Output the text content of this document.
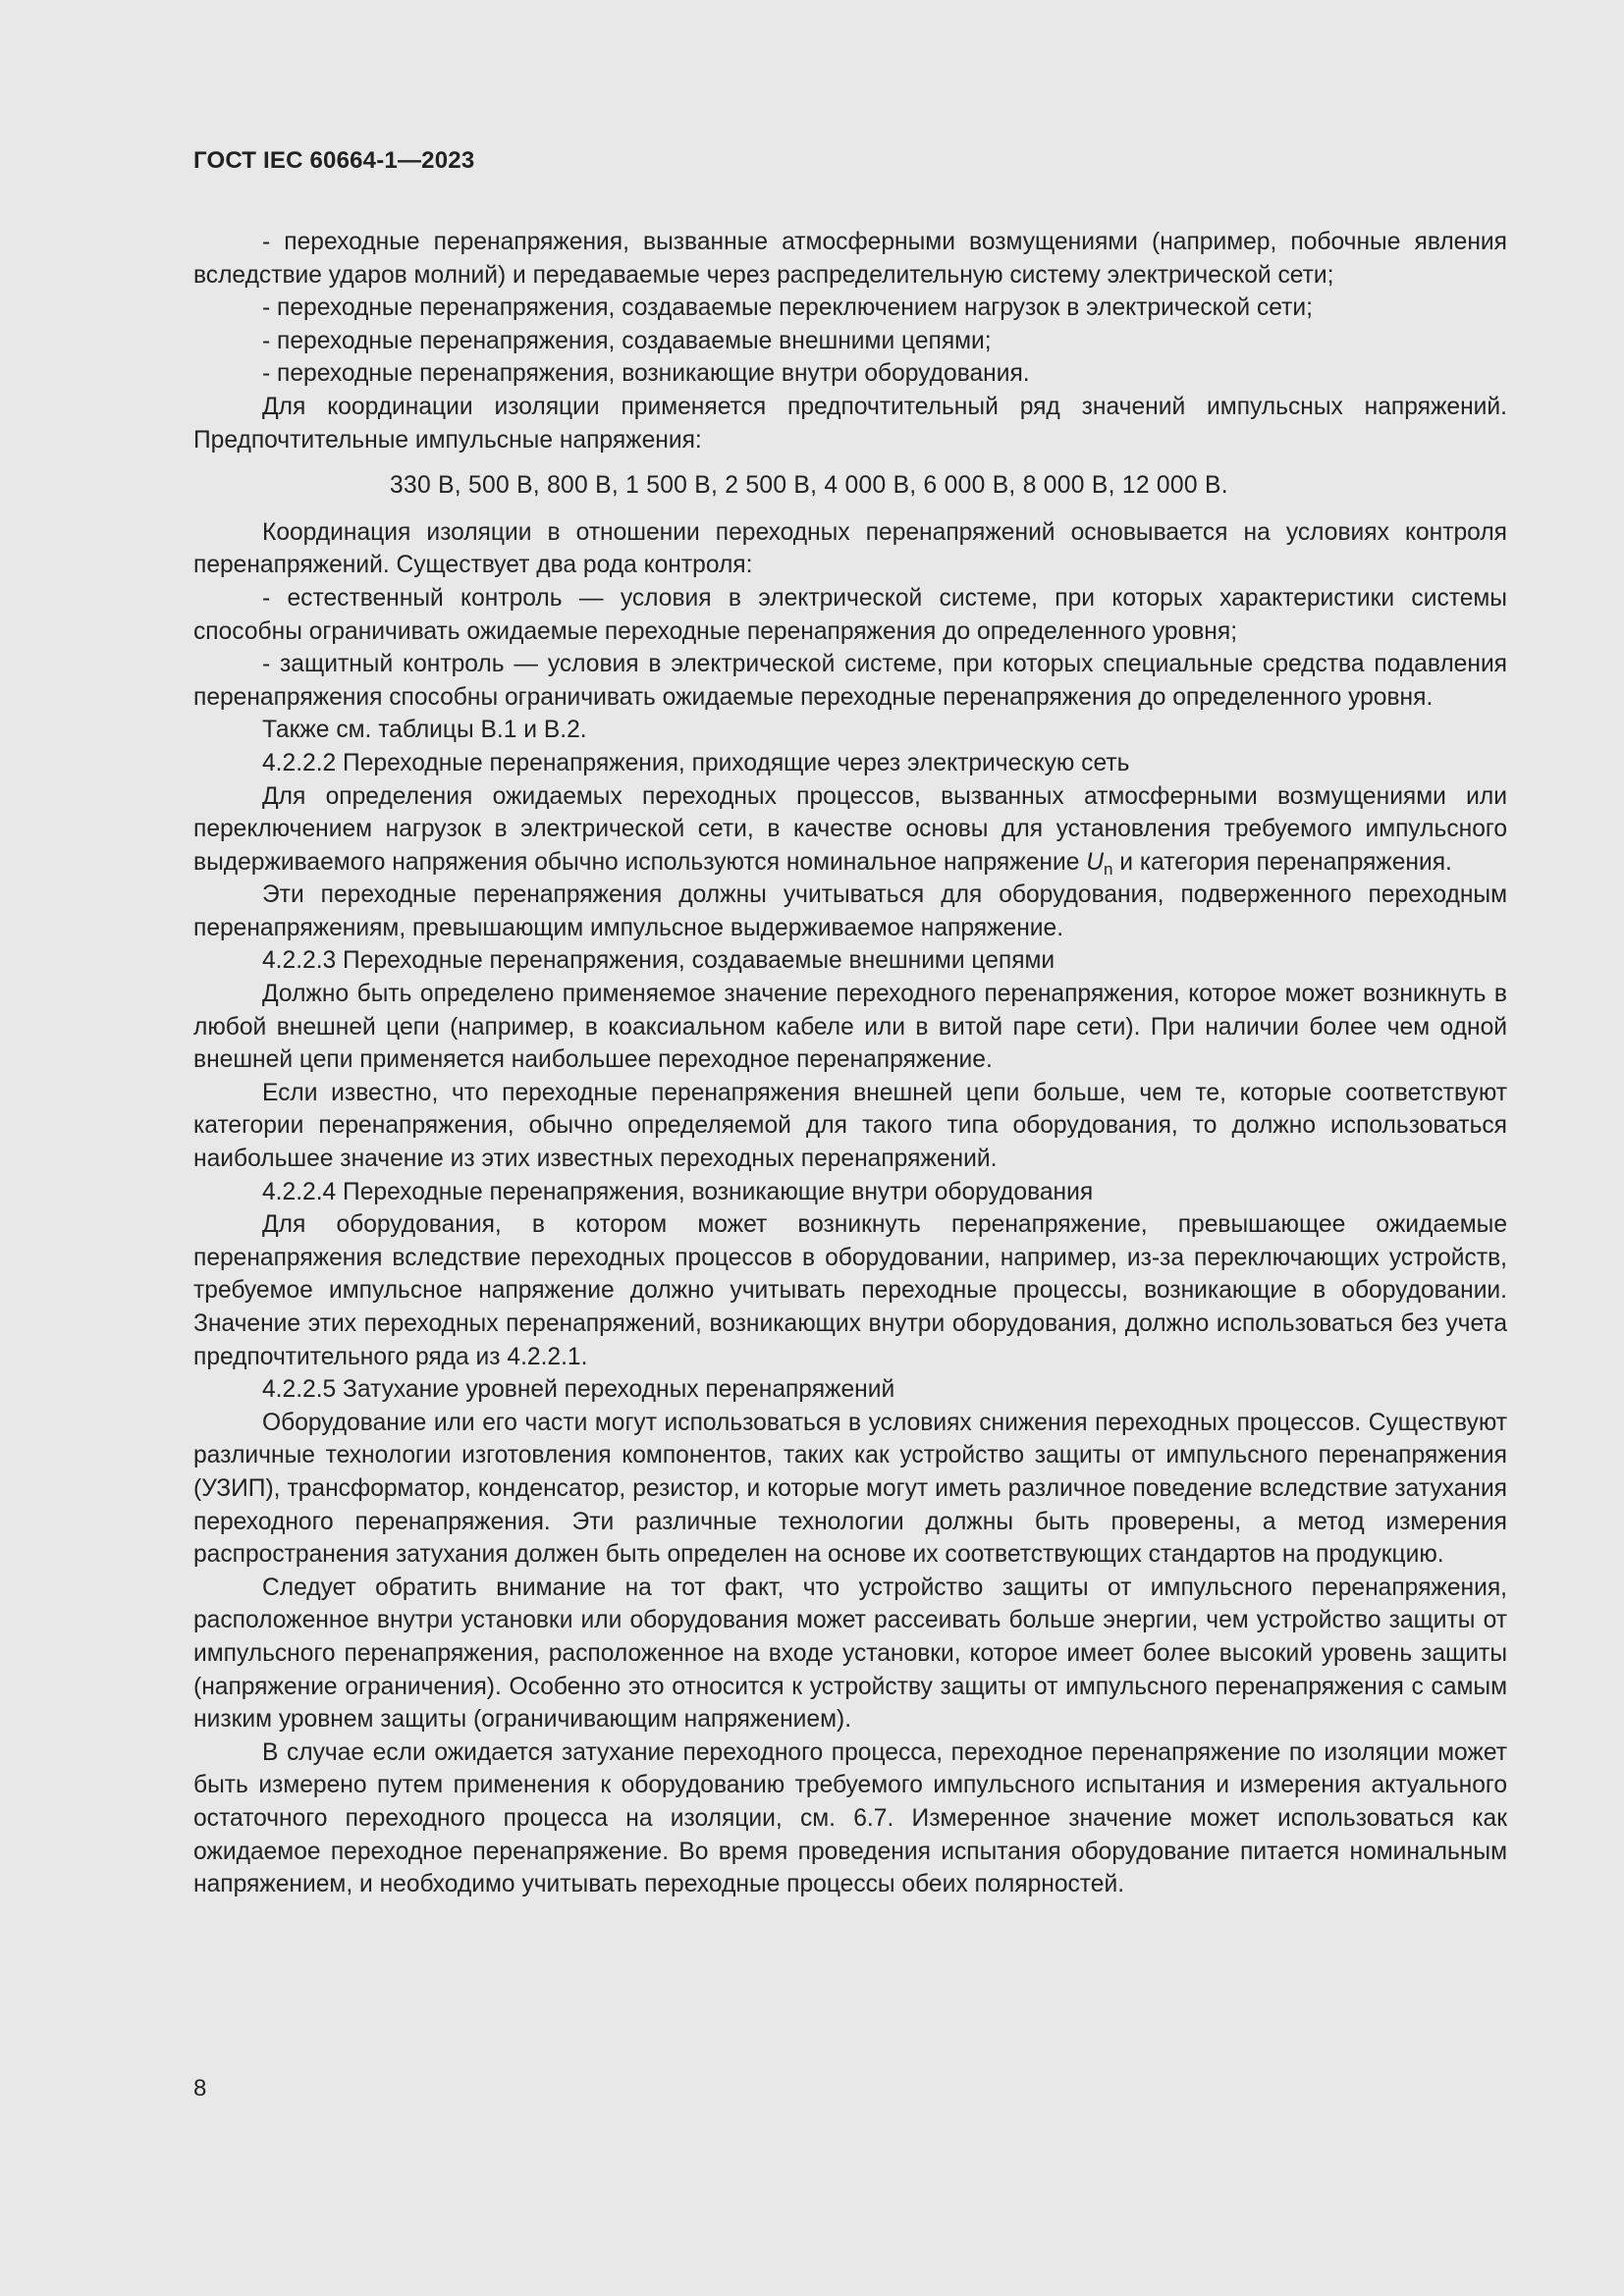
ГОСТ IEC 60664-1—2023

- переходные перенапряжения, вызванные атмосферными возмущениями (например, побочные явления вследствие ударов молний) и передаваемые через распределительную систему электрической сети;

- переходные перенапряжения, создаваемые переключением нагрузок в электрической сети;

- переходные перенапряжения, создаваемые внешними цепями;

- переходные перенапряжения, возникающие внутри оборудования.

Для координации изоляции применяется предпочтительный ряд значений импульсных напряжений. Предпочтительные импульсные напряжения:

330 В, 500 В, 800 В, 1 500 В, 2 500 В, 4 000 В, 6 000 В, 8 000 В, 12 000 В.

Координация изоляции в отношении переходных перенапряжений основывается на условиях контроля перенапряжений. Существует два рода контроля:

- естественный контроль — условия в электрической системе, при которых характеристики системы способны ограничивать ожидаемые переходные перенапряжения до определенного уровня;

- защитный контроль — условия в электрической системе, при которых специальные средства подавления перенапряжения способны ограничивать ожидаемые переходные перенапряжения до определенного уровня.

Также см. таблицы В.1 и В.2.

4.2.2.2 Переходные перенапряжения, приходящие через электрическую сеть

Для определения ожидаемых переходных процессов, вызванных атмосферными возмущениями или переключением нагрузок в электрической сети, в качестве основы для установления требуемого импульсного выдерживаемого напряжения обычно используются номинальное напряжение $U_n$ и категория перенапряжения.

Эти переходные перенапряжения должны учитываться для оборудования, подверженного переходным перенапряжениям, превышающим импульсное выдерживаемое напряжение.

4.2.2.3 Переходные перенапряжения, создаваемые внешними цепями

Должно быть определено применяемое значение переходного перенапряжения, которое может возникнуть в любой внешней цепи (например, в коаксиальном кабеле или в витой паре сети). При наличии более чем одной внешней цепи применяется наибольшее переходное перенапряжение.

Если известно, что переходные перенапряжения внешней цепи больше, чем те, которые соответствуют категории перенапряжения, обычно определяемой для такого типа оборудования, то должно использоваться наибольшее значение из этих известных переходных перенапряжений.

4.2.2.4 Переходные перенапряжения, возникающие внутри оборудования

Для оборудования, в котором может возникнуть перенапряжение, превышающее ожидаемые перенапряжения вследствие переходных процессов в оборудовании, например, из-за переключающих устройств, требуемое импульсное напряжение должно учитывать переходные процессы, возникающие в оборудовании. Значение этих переходных перенапряжений, возникающих внутри оборудования, должно использоваться без учета предпочтительного ряда из 4.2.2.1.

4.2.2.5 Затухание уровней переходных перенапряжений

Оборудование или его части могут использоваться в условиях снижения переходных процессов. Существуют различные технологии изготовления компонентов, таких как устройство защиты от импульсного перенапряжения (УЗИП), трансформатор, конденсатор, резистор, и которые могут иметь различное поведение вследствие затухания переходного перенапряжения. Эти различные технологии должны быть проверены, а метод измерения распространения затухания должен быть определен на основе их соответствующих стандартов на продукцию.

Следует обратить внимание на тот факт, что устройство защиты от импульсного перенапряжения, расположенное внутри установки или оборудования может рассеивать больше энергии, чем устройство защиты от импульсного перенапряжения, расположенное на входе установки, которое имеет более высокий уровень защиты (напряжение ограничения). Особенно это относится к устройству защиты от импульсного перенапряжения с самым низким уровнем защиты (ограничивающим напряжением).

В случае если ожидается затухание переходного процесса, переходное перенапряжение по изоляции может быть измерено путем применения к оборудованию требуемого импульсного испытания и измерения актуального остаточного переходного процесса на изоляции, см. 6.7. Измеренное значение может использоваться как ожидаемое переходное перенапряжение. Во время проведения испытания оборудование питается номинальным напряжением, и необходимо учитывать переходные процессы обеих полярностей.

8
